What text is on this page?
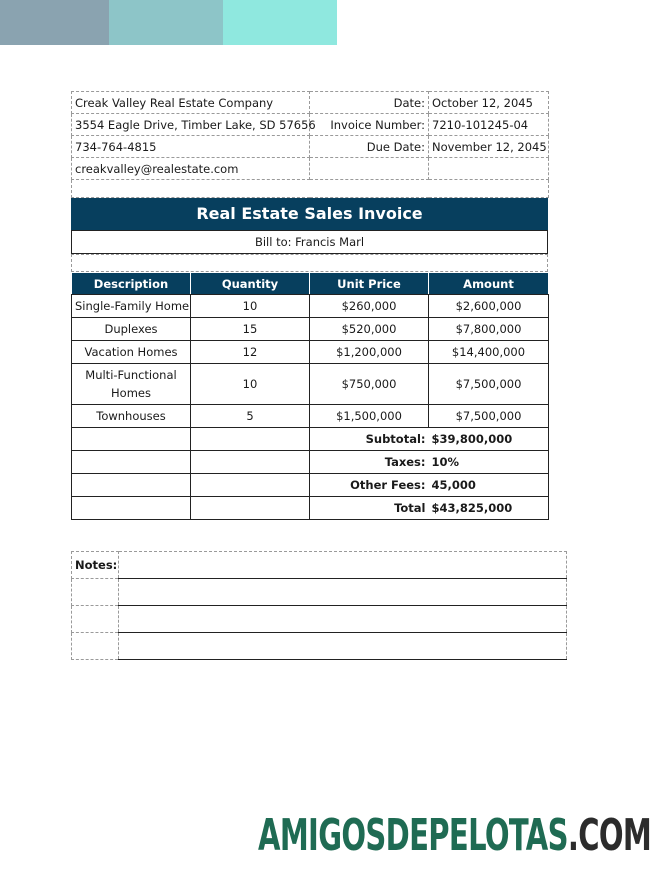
Creak Valley Real Estate Company	Date:	October 12, 2045
3554 Eagle Drive, Timber Lake, SD 57656	Invoice Number:	7210-101245-04
734-764-4815	Due Date:	November 12, 2045
creakvalley@realestate.com		

Real Estate Sales Invoice
Bill to: Francis Marl
Description	Quantity	Unit Price	Amount
Single-Family Home	10	$260,000	$2,600,000
Duplexes	15	$520,000	$7,800,000
Vacation Homes	12	$1,200,000	$14,400,000
Multi-Functional Homes	10	$750,000	$7,500,000
Townhouses	5	$1,500,000	$7,500,000
		Subtotal:	$39,800,000
		Taxes:	10%
		Other Fees:	45,000
		Total	$43,825,000
Notes:	

AMIGOSDEPELOTAS.COM
